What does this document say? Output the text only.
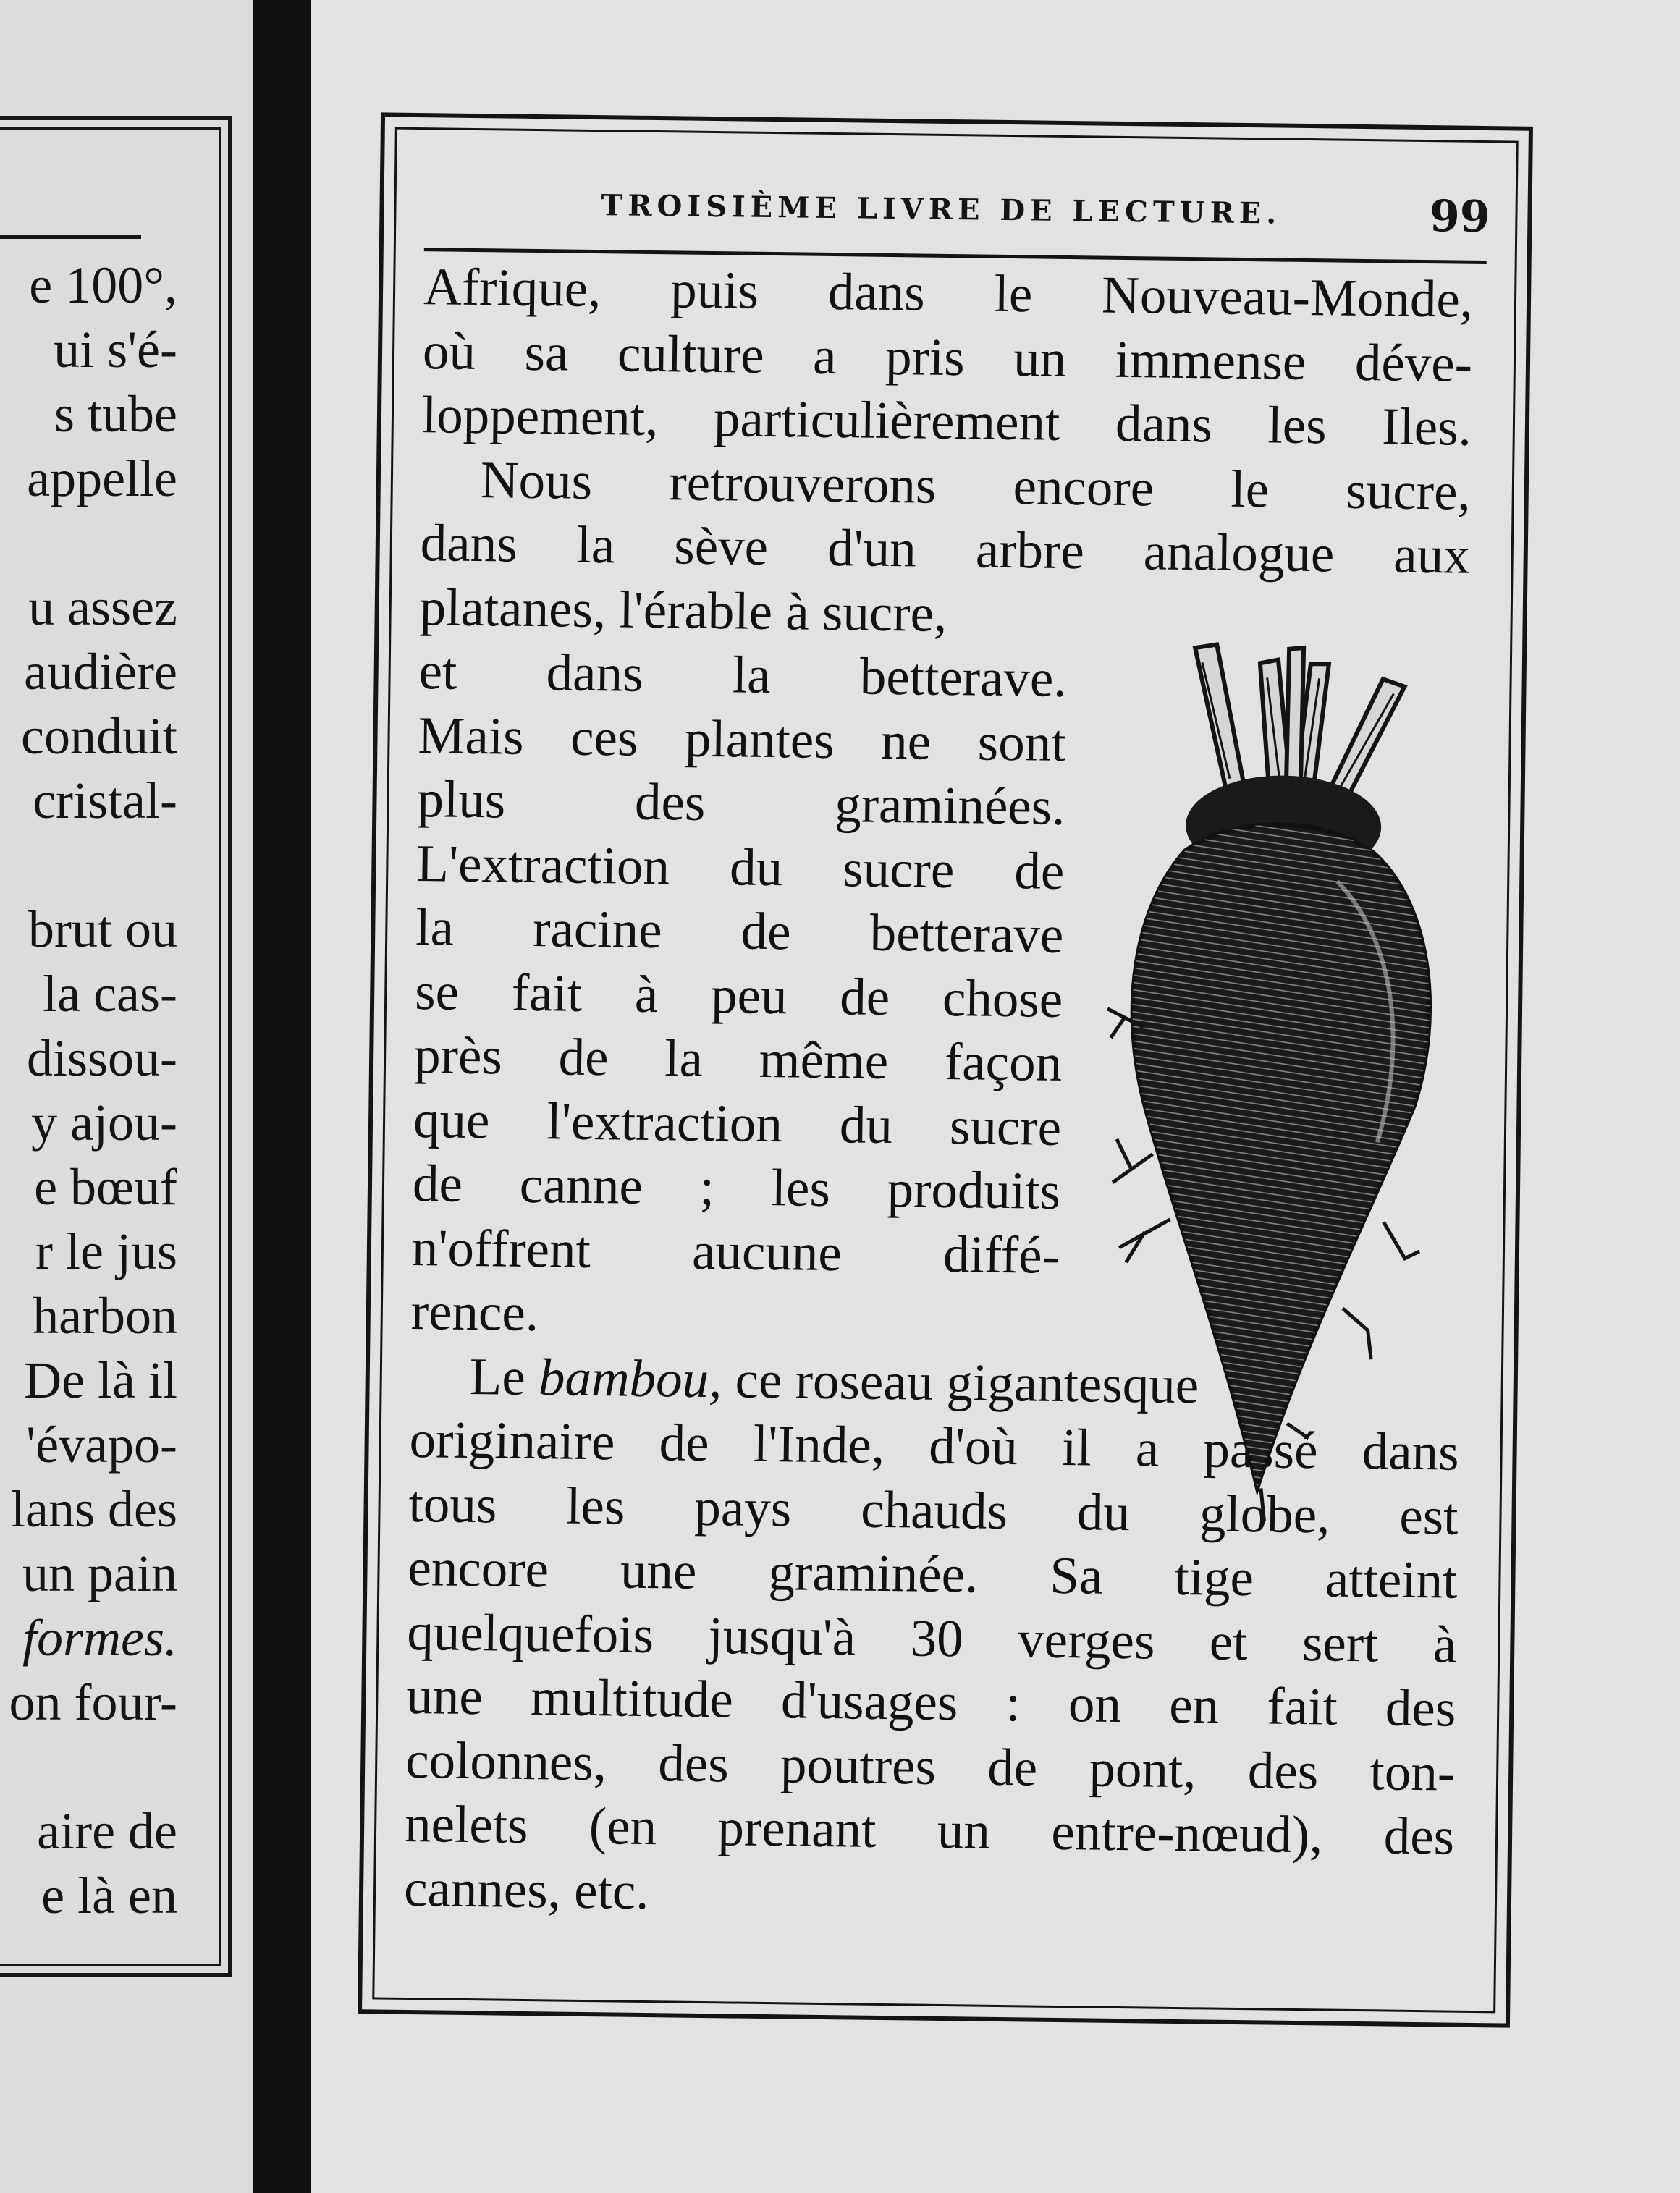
e 100°,
ui s'é-
s tube
appelle
u assez
audière
conduit
cristal-
brut ou
la cas-
dissou-
y ajou-
e bœuf
r le jus
harbon
De là il
'évapo-
lans des
un pain
formes.
on four-
aire de
e là en
TROISIÈME LIVRE DE LECTURE.	99
Afrique, puis dans le Nouveau-Monde,
où sa culture a pris un immense déve-
loppement, particulièrement dans les Iles.
Nous retrouverons encore le sucre,
dans la sève d'un arbre analogue aux
platanes, l'érable à sucre,
et dans la betterave.
Mais ces plantes ne sont
plus des graminées.
L'extraction du sucre de
la racine de betterave
se fait à peu de chose
près de la même façon
que l'extraction du sucre
de canne ; les produits
n'offrent aucune diffé-
rence.
Le bambou, ce roseau gigantesque
originaire de l'Inde, d'où il a passé dans
tous les pays chauds du globe, est
encore une graminée. Sa tige atteint
quelquefois jusqu'à 30 verges et sert à
une multitude d'usages : on en fait des
colonnes, des poutres de pont, des ton-
nelets (en prenant un entre-nœud), des
cannes, etc.
